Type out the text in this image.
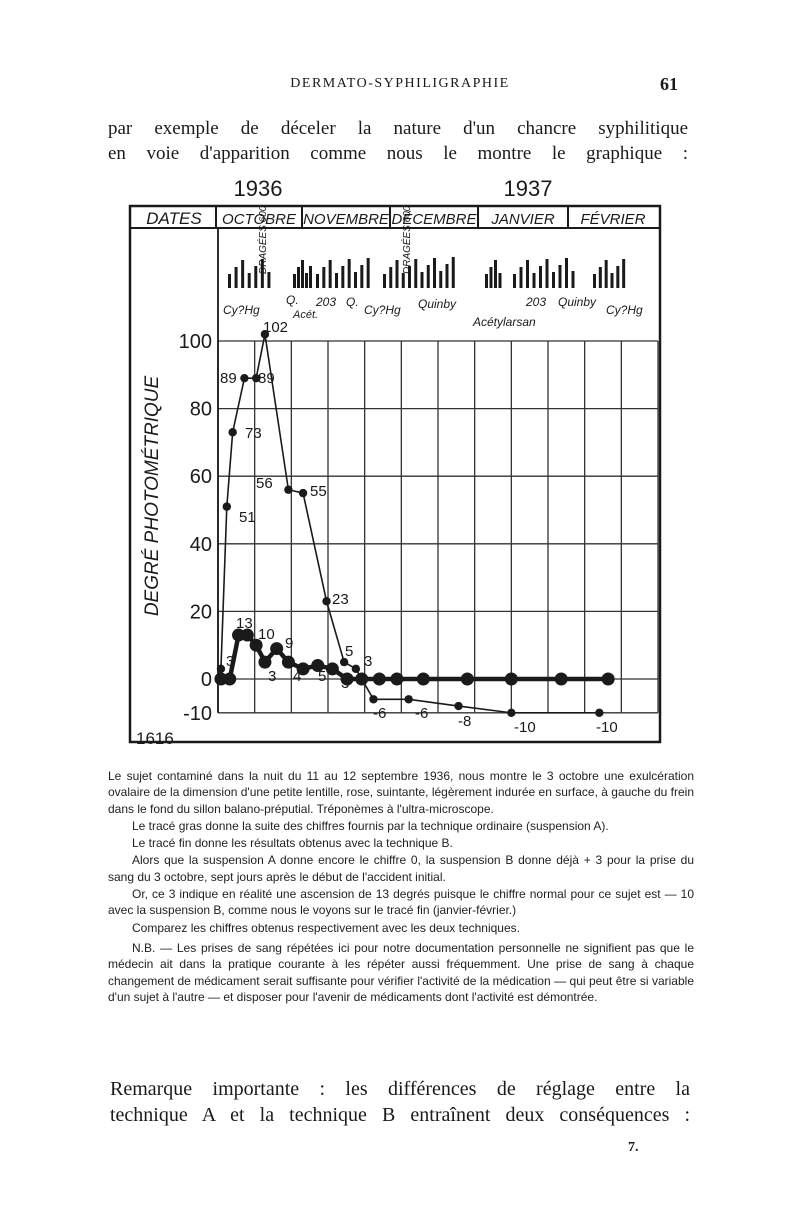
DERMATO-SYPHILIGRAPHIE	61
par exemple de déceler la nature d'un chancre syphilitique
en voie d'apparition comme nous le montre le graphique :
1936	1937
DATES OCTOBRE NOVEMBRE DÉCEMBRE JANVIER FÉVRIER
DRAGÉES 600	DRAGÉES 600
Cy?Hg
Q.
Acét.
203 Q.
Cy?Hg Quinby	203 Quinby
Acétylarsan
Cy?Hg
100
80
60
40
20
0
-10
DEGRÉ PHOTOMÉTRIQUE
1616
102
89 89
73
56 55
51
23
13
10
9	5
3	3
3 4 5 3
-6 -6 -8	-10	-10

Le sujet contaminé dans la nuit du 11 au 12 septembre 1936, nous montre le 3 octobre une exulcération ovalaire de la dimension d'une petite lentille, rose, suintante, légèrement indurée en surface, à gauche du frein dans le fond du sillon balano-préputial. Tréponèmes à l'ultra-microscope.

Le tracé gras donne la suite des chiffres fournis par la technique ordinaire (suspension A).

Le tracé fin donne les résultats obtenus avec la technique B.

Alors que la suspension A donne encore le chiffre 0, la suspension B donne déjà + 3 pour la prise du sang du 3 octobre, sept jours après le début de l'accident initial.

Or, ce 3 indique en réalité une ascension de 13 degrés puisque le chiffre normal pour ce sujet est — 10 avec la suspension B, comme nous le voyons sur le tracé fin (janvier-février.)

Comparez les chiffres obtenus respectivement avec les deux techniques.

N.B. — Les prises de sang répétées ici pour notre documentation personnelle ne signifient pas que le médecin ait dans la pratique courante à les répéter aussi fréquemment. Une prise de sang à chaque changement de médicament serait suffisante pour vérifier l'activité de la médication — qui peut être si variable d'un sujet à l'autre — et disposer pour l'avenir de médicaments dont l'activité est démontrée.

Remarque importante : les différences de réglage entre la
technique A et la technique B entraînent deux conséquences :
7.
